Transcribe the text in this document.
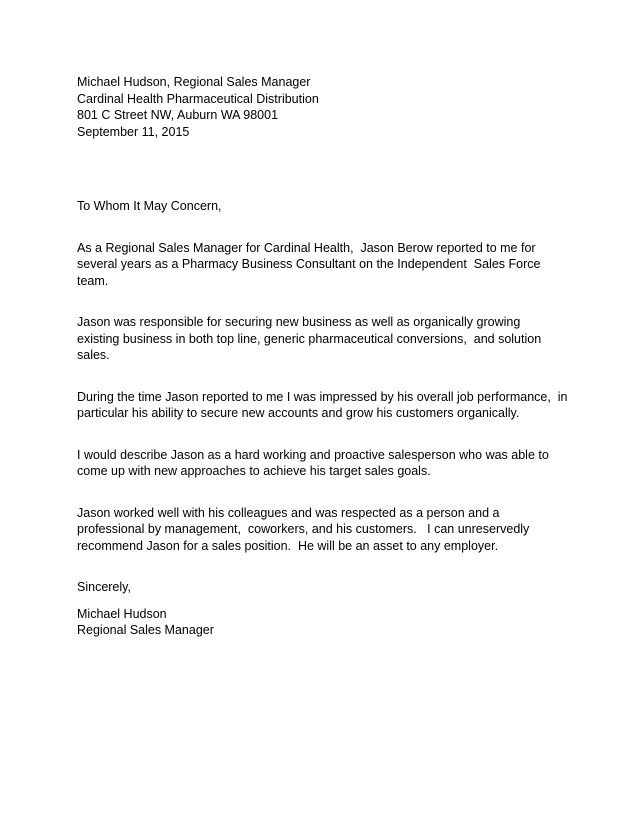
Michael Hudson, Regional Sales Manager
Cardinal Health Pharmaceutical Distribution
801 C Street NW, Auburn WA 98001
September 11, 2015
To Whom It May Concern,
As a Regional Sales Manager for Cardinal Health,  Jason Berow reported to me for
several years as a Pharmacy Business Consultant on the Independent  Sales Force
team.
Jason was responsible for securing new business as well as organically growing
existing business in both top line, generic pharmaceutical conversions,  and solution
sales.
During the time Jason reported to me I was impressed by his overall job performance,  in
particular his ability to secure new accounts and grow his customers organically.
I would describe Jason as a hard working and proactive salesperson who was able to
come up with new approaches to achieve his target sales goals.
Jason worked well with his colleagues and was respected as a person and a
professional by management,  coworkers, and his customers.   I can unreservedly
recommend Jason for a sales position.  He will be an asset to any employer.
Sincerely,
Michael Hudson
Regional Sales Manager
